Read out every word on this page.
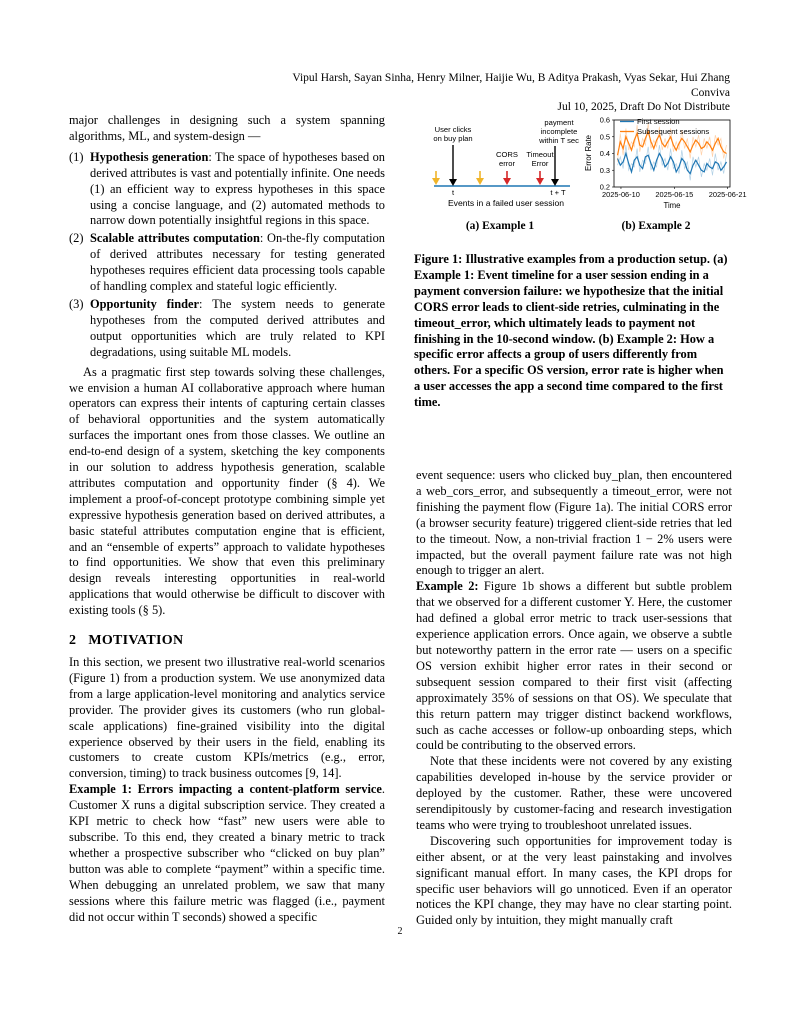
Vipul Harsh, Sayan Sinha, Henry Milner, Haijie Wu, B Aditya Prakash, Vyas Sekar, Hui Zhang
Conviva
Jul 10, 2025, Draft Do Not Distribute

major challenges in designing such a system spanning algorithms, ML, and system-design —

(1) Hypothesis generation: The space of hypotheses based on derived attributes is vast and potentially infinite. One needs (1) an efficient way to express hypotheses in this space using a concise language, and (2) automated methods to narrow down potentially insightful regions in this space.
(2) Scalable attributes computation: On-the-fly computation of derived attributes necessary for testing generated hypotheses requires efficient data processing tools capable of handling complex and stateful logic efficiently.
(3) Opportunity finder: The system needs to generate hypotheses from the computed derived attributes and output opportunities which are truly related to KPI degradations, using suitable ML models.

As a pragmatic first step towards solving these challenges, we envision a human AI collaborative approach where human operators can express their intents of capturing certain classes of behavioral opportunities and the system automatically surfaces the important ones from those classes. We outline an end-to-end design of a system, sketching the key components in our solution to address hypothesis generation, scalable attributes computation and opportunity finder (§ 4). We implement a proof-of-concept prototype combining simple yet expressive hypothesis generation based on derived attributes, a basic stateful attributes computation engine that is efficient, and an “ensemble of experts” approach to validate hypotheses to find opportunities. We show that even this preliminary design reveals interesting opportunities in real-world applications that would otherwise be difficult to discover with existing tools (§ 5).

2 MOTIVATION

In this section, we present two illustrative real-world scenarios (Figure 1) from a production system. We use anonymized data from a large application-level monitoring and analytics service provider. The provider gives its customers (who run global-scale applications) fine-grained visibility into the digital experience observed by their users in the field, enabling its customers to create custom KPIs/metrics (e.g., error, conversion, timing) to track business outcomes [9, 14].

Example 1: Errors impacting a content-platform service. Customer X runs a digital subscription service. They created a KPI metric to check how “fast” new users were able to subscribe. To this end, they created a binary metric to track whether a prospective subscriber who “clicked on buy plan” button was able to complete “payment” within a specific time. When debugging an unrelated problem, we saw that many sessions where this failure metric was flagged (i.e., payment did not occur within T seconds) showed a specific

User clicks
on buy plan
payment
incomplete
within T sec
CORS
error
Timeout
Error
t	t + T
Events in a failed user session
Error Rate
Time
0.2
0.3
0.4
0.5
0.6
2025-06-10 2025-06-15 2025-06-21
First session
Subsequent sessions
(a) Example 1	(b) Example 2
Figure 1: Illustrative examples from a production setup. (a) Example 1: Event timeline for a user session ending in a payment conversion failure: we hypothesize that the initial CORS error leads to client-side retries, culminating in the timeout_error, which ultimately leads to payment not finishing in the 10-second window. (b) Example 2: How a specific error affects a group of users differently from others. For a specific OS version, error rate is higher when a user accesses the app a second time compared to the first time.

event sequence: users who clicked buy_plan, then encountered a web_cors_error, and subsequently a timeout_error, were not finishing the payment flow (Figure 1a). The initial CORS error (a browser security feature) triggered client-side retries that led to the timeout. Now, a non-trivial fraction 1 − 2% users were impacted, but the overall payment failure rate was not high enough to trigger an alert.

Example 2: Figure 1b shows a different but subtle problem that we observed for a different customer Y. Here, the customer had defined a global error metric to track user-sessions that experience application errors. Once again, we observe a subtle but noteworthy pattern in the error rate — users on a specific OS version exhibit higher error rates in their second or subsequent session compared to their first visit (affecting approximately 35% of sessions on that OS). We speculate that this return pattern may trigger distinct backend workflows, such as cache accesses or follow-up onboarding steps, which could be contributing to the observed errors.

Note that these incidents were not covered by any existing capabilities developed in-house by the service provider or deployed by the customer. Rather, these were uncovered serendipitously by customer-facing and research investigation teams who were trying to troubleshoot unrelated issues.

Discovering such opportunities for improvement today is either absent, or at the very least painstaking and involves significant manual effort. In many cases, the KPI drops for specific user behaviors will go unnoticed. Even if an operator notices the KPI change, they may have no clear starting point. Guided only by intuition, they might manually craft

2
